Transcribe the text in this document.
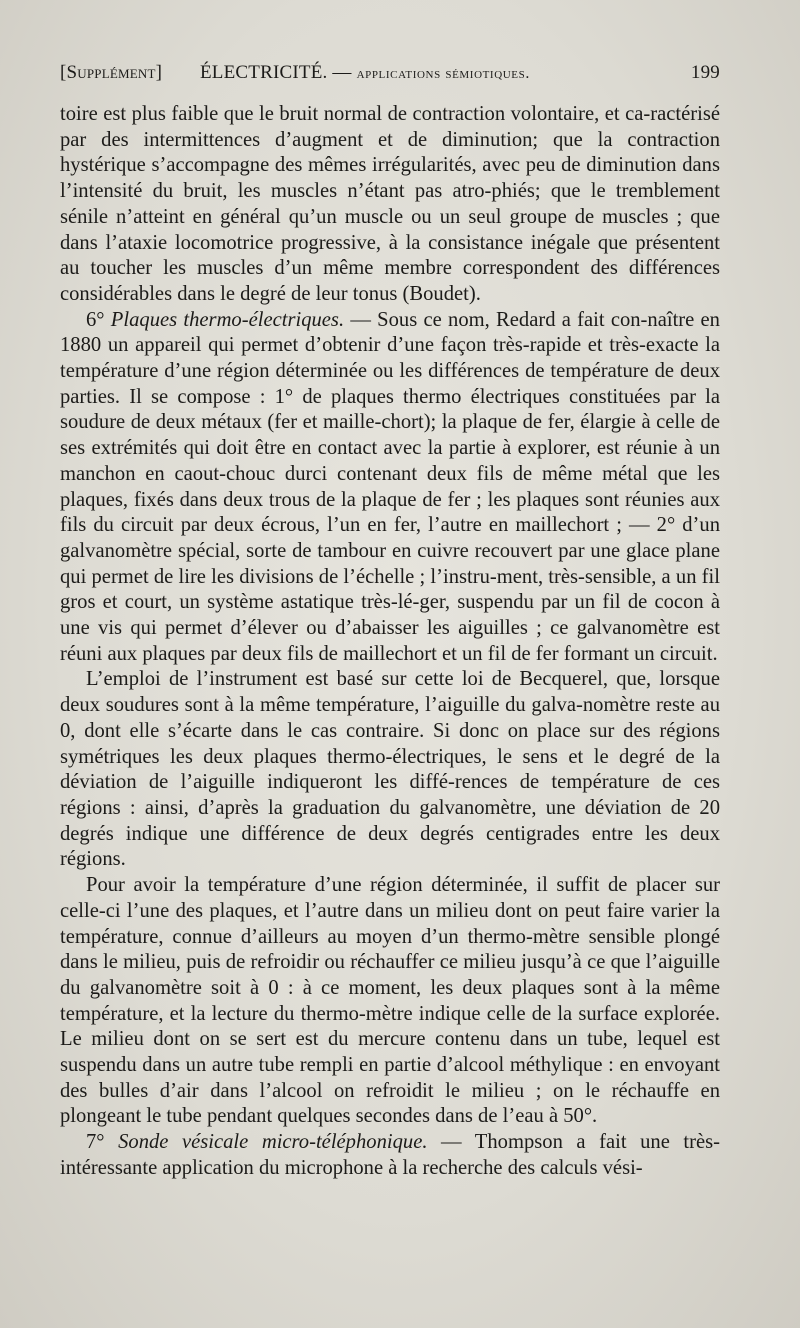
[Supplément] ÉLECTRICITÉ. — applications sémiotiques.	199

toire est plus faible que le bruit normal de contraction volontaire, et ca-ractérisé par des intermittences d’augment et de diminution; que la contraction hystérique s’accompagne des mêmes irrégularités, avec peu de diminution dans l’intensité du bruit, les muscles n’étant pas atro-phiés; que le tremblement sénile n’atteint en général qu’un muscle ou un seul groupe de muscles ; que dans l’ataxie locomotrice progressive, à la consistance inégale que présentent au toucher les muscles d’un même membre correspondent des différences considérables dans le degré de leur tonus (Boudet).

6° Plaques thermo-électriques. — Sous ce nom, Redard a fait con-naître en 1880 un appareil qui permet d’obtenir d’une façon très-rapide et très-exacte la température d’une région déterminée ou les différences de température de deux parties. Il se compose : 1° de plaques thermo électriques constituées par la soudure de deux métaux (fer et maille-chort); la plaque de fer, élargie à celle de ses extrémités qui doit être en contact avec la partie à explorer, est réunie à un manchon en caout-chouc durci contenant deux fils de même métal que les plaques, fixés dans deux trous de la plaque de fer ; les plaques sont réunies aux fils du circuit par deux écrous, l’un en fer, l’autre en maillechort ; — 2° d’un galvanomètre spécial, sorte de tambour en cuivre recouvert par une glace plane qui permet de lire les divisions de l’échelle ; l’instru-ment, très-sensible, a un fil gros et court, un système astatique très-lé-ger, suspendu par un fil de cocon à une vis qui permet d’élever ou d’abaisser les aiguilles ; ce galvanomètre est réuni aux plaques par deux fils de maillechort et un fil de fer formant un circuit.

L’emploi de l’instrument est basé sur cette loi de Becquerel, que, lorsque deux soudures sont à la même température, l’aiguille du galva-nomètre reste au 0, dont elle s’écarte dans le cas contraire. Si donc on place sur des régions symétriques les deux plaques thermo-électriques, le sens et le degré de la déviation de l’aiguille indiqueront les diffé-rences de température de ces régions : ainsi, d’après la graduation du galvanomètre, une déviation de 20 degrés indique une différence de deux degrés centigrades entre les deux régions.

Pour avoir la température d’une région déterminée, il suffit de placer sur celle-ci l’une des plaques, et l’autre dans un milieu dont on peut faire varier la température, connue d’ailleurs au moyen d’un thermo-mètre sensible plongé dans le milieu, puis de refroidir ou réchauffer ce milieu jusqu’à ce que l’aiguille du galvanomètre soit à 0 : à ce moment, les deux plaques sont à la même température, et la lecture du thermo-mètre indique celle de la surface explorée. Le milieu dont on se sert est du mercure contenu dans un tube, lequel est suspendu dans un autre tube rempli en partie d’alcool méthylique : en envoyant des bulles d’air dans l’alcool on refroidit le milieu ; on le réchauffe en plongeant le tube pendant quelques secondes dans de l’eau à 50°.

7° Sonde vésicale micro-téléphonique. — Thompson a fait une très-intéressante application du microphone à la recherche des calculs vési-
